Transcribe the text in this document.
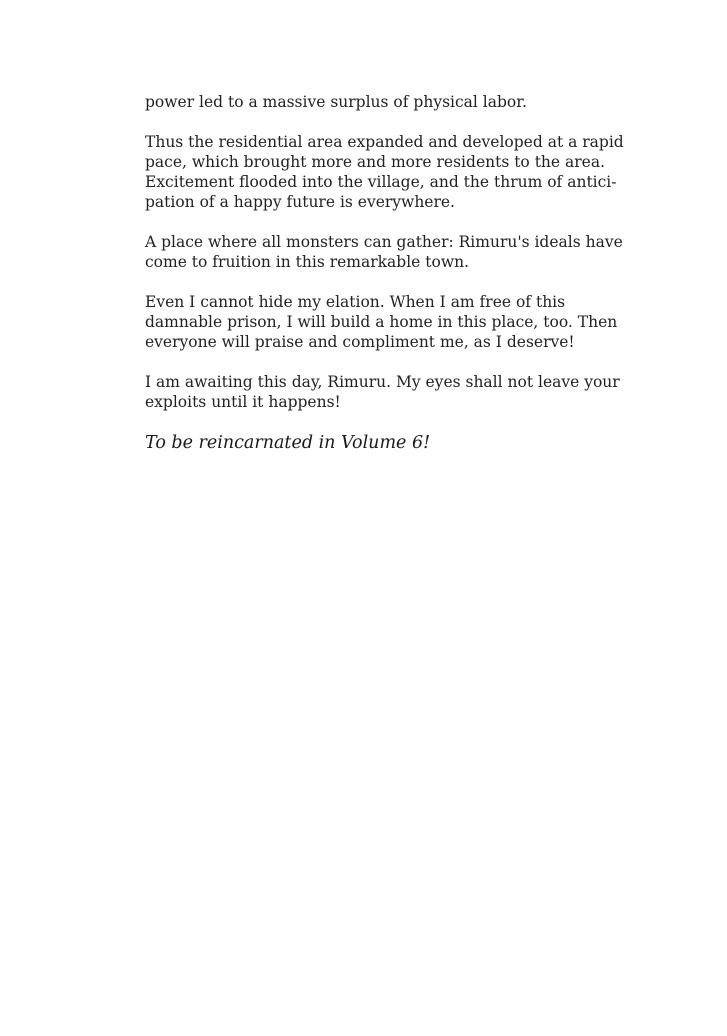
power led to a massive surplus of physical labor.

Thus the residential area expanded and developed at a rapid
pace, which brought more and more residents to the area.
Excitement flooded into the village, and the thrum of antici-
pation of a happy future is everywhere.

A place where all monsters can gather: Rimuru's ideals have
come to fruition in this remarkable town.

Even I cannot hide my elation. When I am free of this
damnable prison, I will build a home in this place, too. Then
everyone will praise and compliment me, as I deserve!

I am awaiting this day, Rimuru. My eyes shall not leave your
exploits until it happens!

To be reincarnated in Volume 6!
